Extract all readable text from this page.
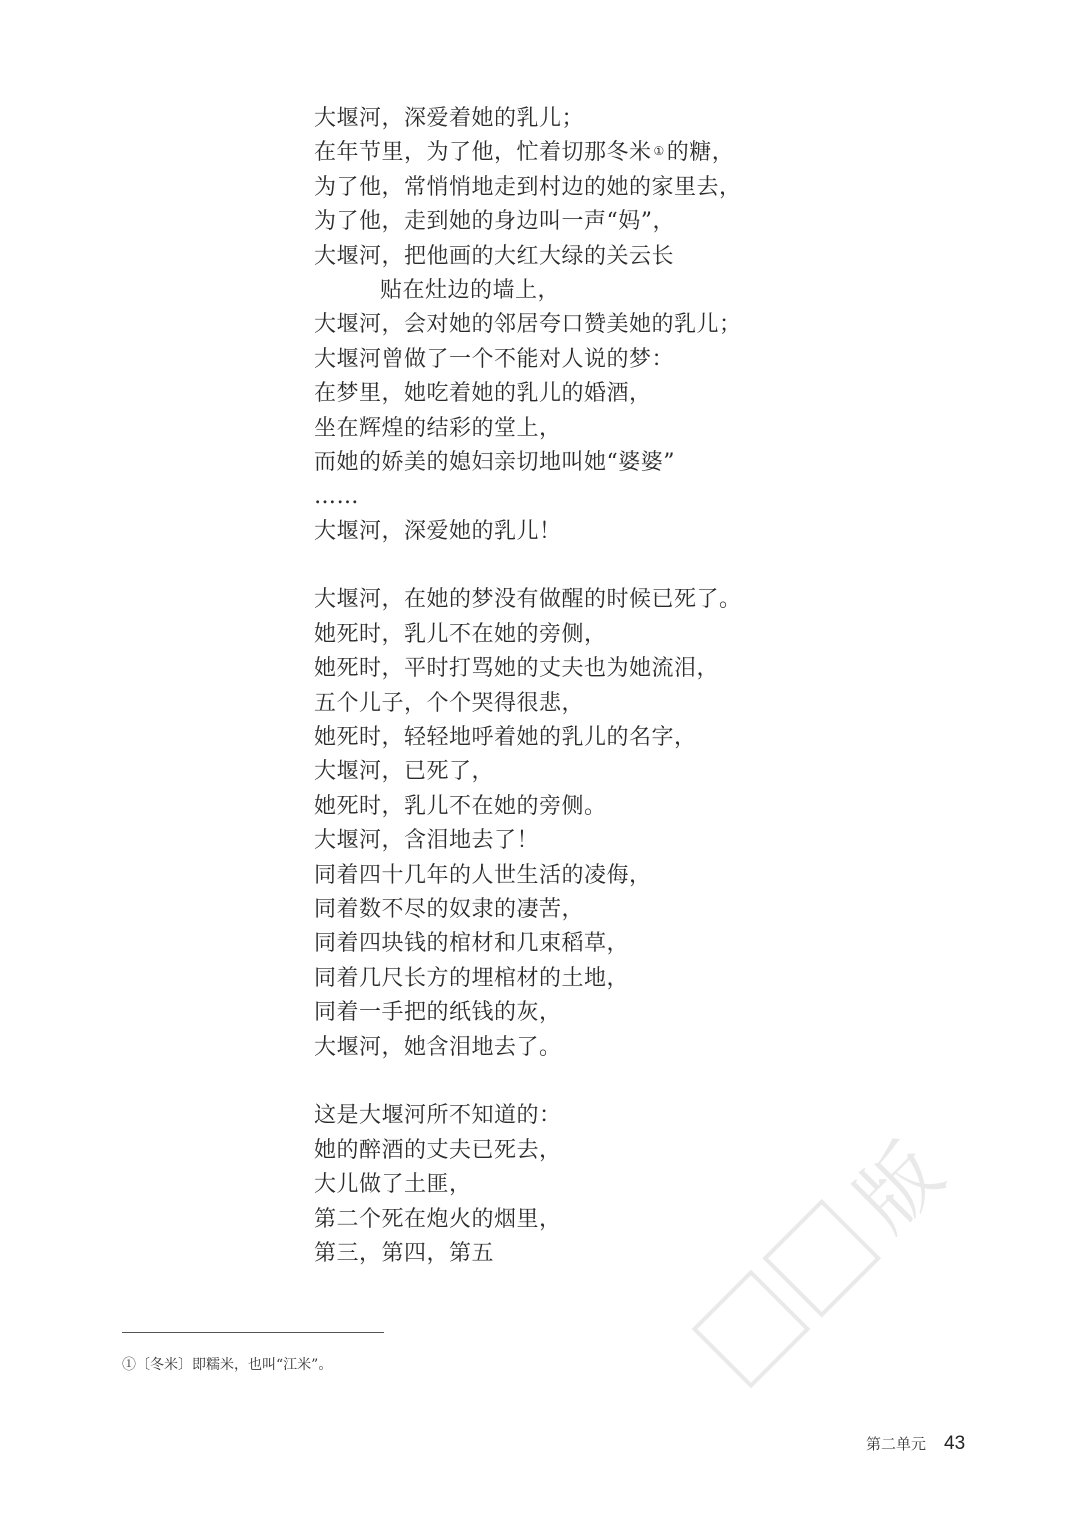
大堰河，深爱着她的乳儿；
在年节里，为了他，忙着切那冬米 ①的糖，
为了他，常悄悄地走到村边的她的家里去，
为了他，走到她的身边叫一声“妈”，
大堰河，把他画的大红大绿的关云长
贴在灶边的墙上，
大堰河，会对她的邻居夸口赞美她的乳儿；
大堰河曾做了一个不能对人说的梦：
在梦里，她吃着她的乳儿的婚酒，
坐在辉煌的结彩的堂上，
而她的娇美的媳妇亲切地叫她“婆婆”
……
大堰河，深爱她的乳儿！
大堰河，在她的梦没有做醒的时候已死了。
她死时，乳儿不在她的旁侧，
她死时，平时打骂她的丈夫也为她流泪，
五个儿子，个个哭得很悲，
她死时，轻轻地呼着她的乳儿的名字，
大堰河，已死了，
她死时，乳儿不在她的旁侧。
大堰河，含泪地去了！
同着四十几年的人世生活的凌侮，
同着数不尽的奴隶的凄苦，
同着四块钱的棺材和几束稻草，
同着几尺长方的埋棺材的土地，
同着一手把的纸钱的灰，
大堰河，她含泪地去了。
这是大堰河所不知道的：
她的醉酒的丈夫已死去，
大儿做了土匪，
第二个死在炮火的烟里，
第三，第四，第五
①〔冬米〕即糯米，也叫“江米”。
第二单元 43
版
